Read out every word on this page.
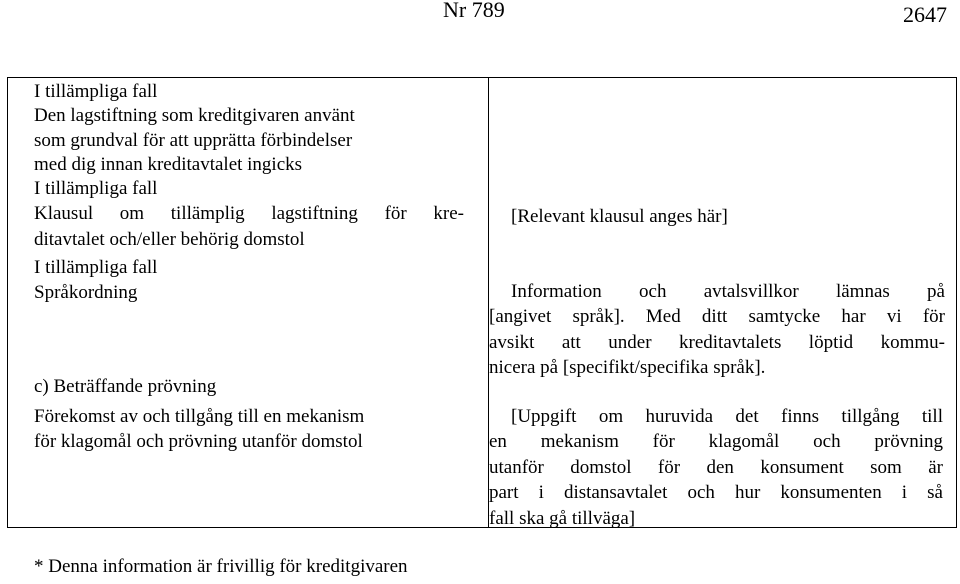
Nr 789	2647
I tillämpliga fall
Den lagstiftning som kreditgivaren använt
som grundval för att upprätta förbindelser
med dig innan kreditavtalet ingicks
I tillämpliga fall
Klausul om tillämplig lagstiftning för kre-
ditavtalet och/eller behörig domstol
I tillämpliga fall
Språkordning
c) Beträffande prövning
Förekomst av och tillgång till en mekanism
för klagomål och prövning utanför domstol
[Relevant klausul anges här]
Information och avtalsvillkor lämnas på
[angivet språk]. Med ditt samtycke har vi för
avsikt att under kreditavtalets löptid kommu-
nicera på [specifikt/specifika språk].
[Uppgift om huruvida det finns tillgång till
en mekanism för klagomål och prövning
utanför domstol för den konsument som är
part i distansavtalet och hur konsumenten i så
fall ska gå tillväga]
* Denna information är frivillig för kreditgivaren
